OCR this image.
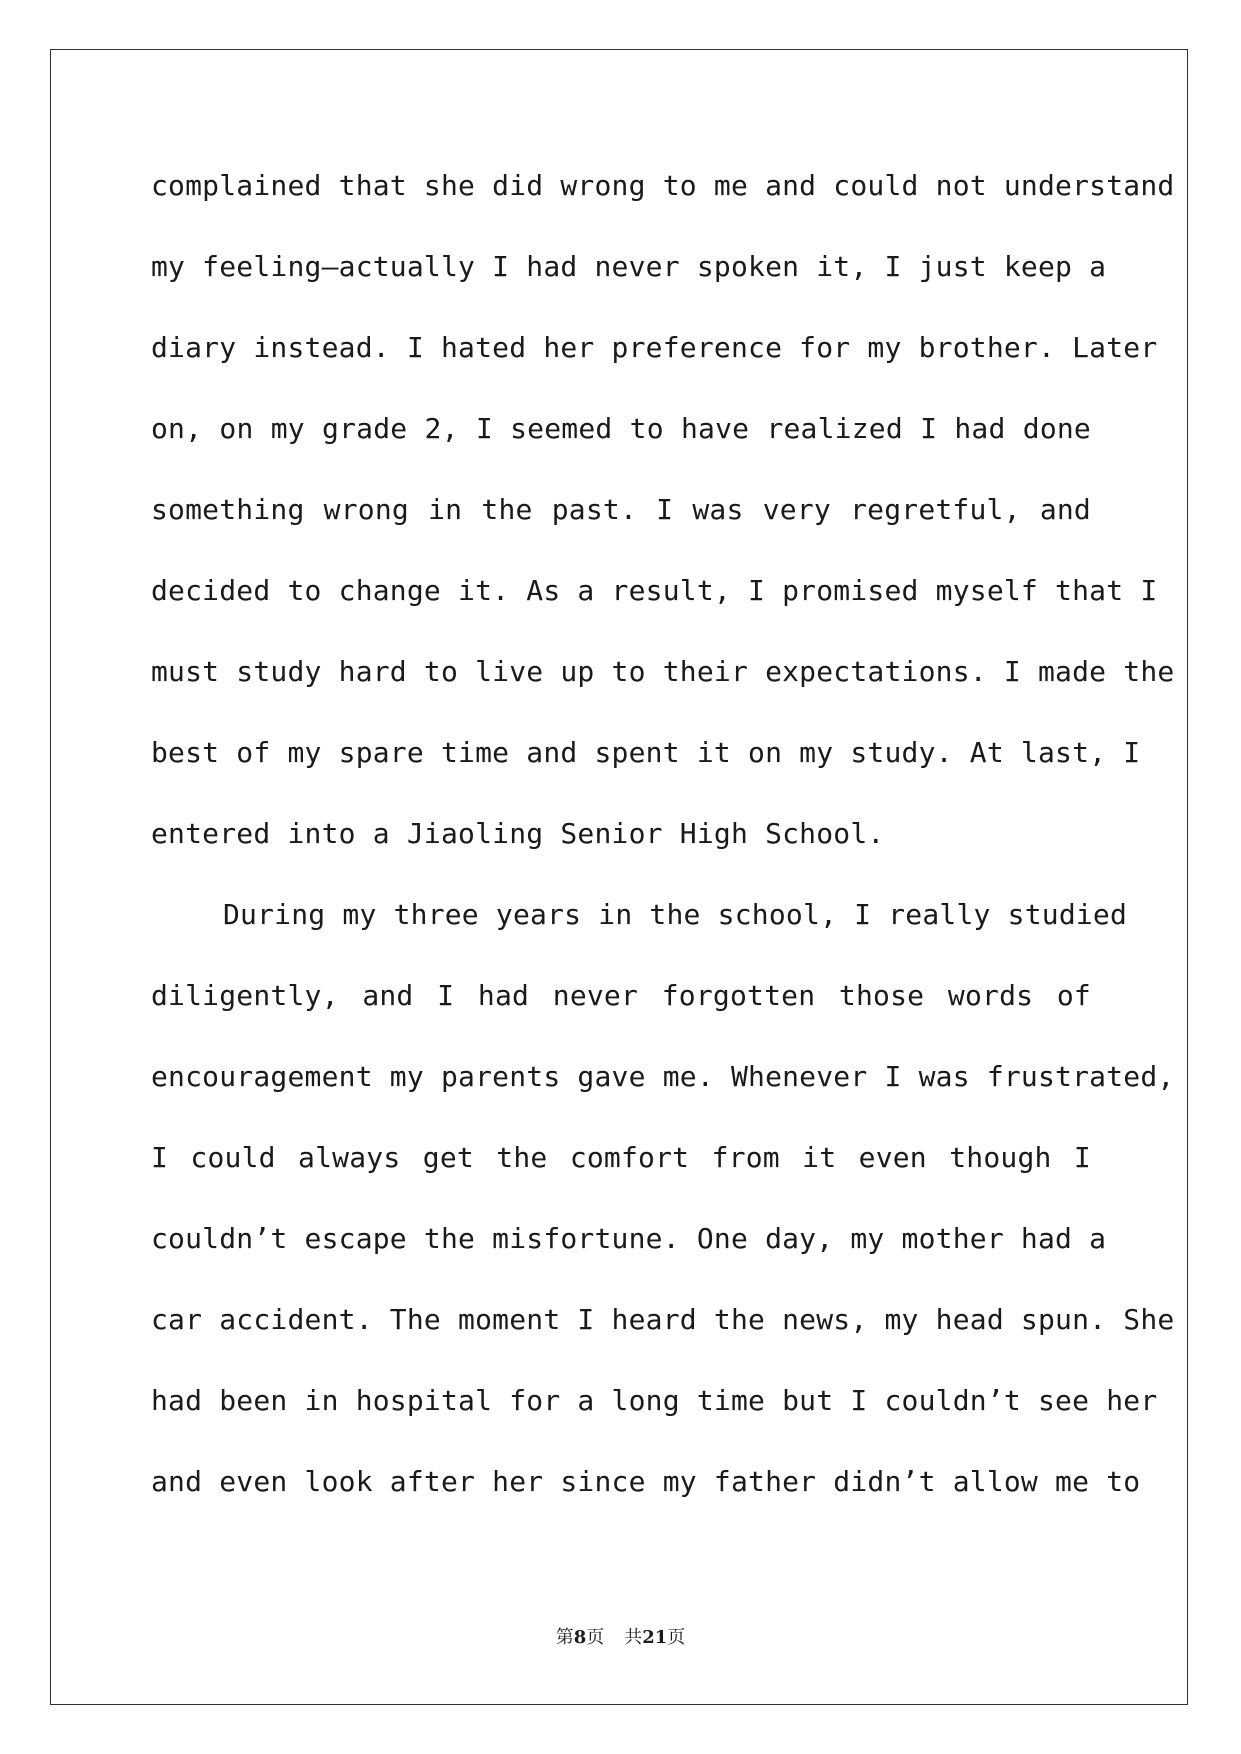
complained that she did wrong to me and could not understand
my feeling—actually I had never spoken it, I just keep a
diary instead. I hated her preference for my brother. Later
on, on my grade 2, I seemed to have realized I had done
something wrong in the past. I was very regretful, and
decided to change it. As a result, I promised myself that I
must study hard to live up to their expectations. I made the
best of my spare time and spent it on my study. At last, I
entered into a Jiaoling Senior High School.
During my three years in the school, I really studied
diligently, and I had never forgotten those words of
encouragement my parents gave me. Whenever I was frustrated,
I could always get the comfort from it even though I
couldn’t escape the misfortune. One day, my mother had a
car accident. The moment I heard the news, my head spun. She
had been in hospital for a long time but I couldn’t see her
and even look after her since my father didn’t allow me to
第8页 共21页
